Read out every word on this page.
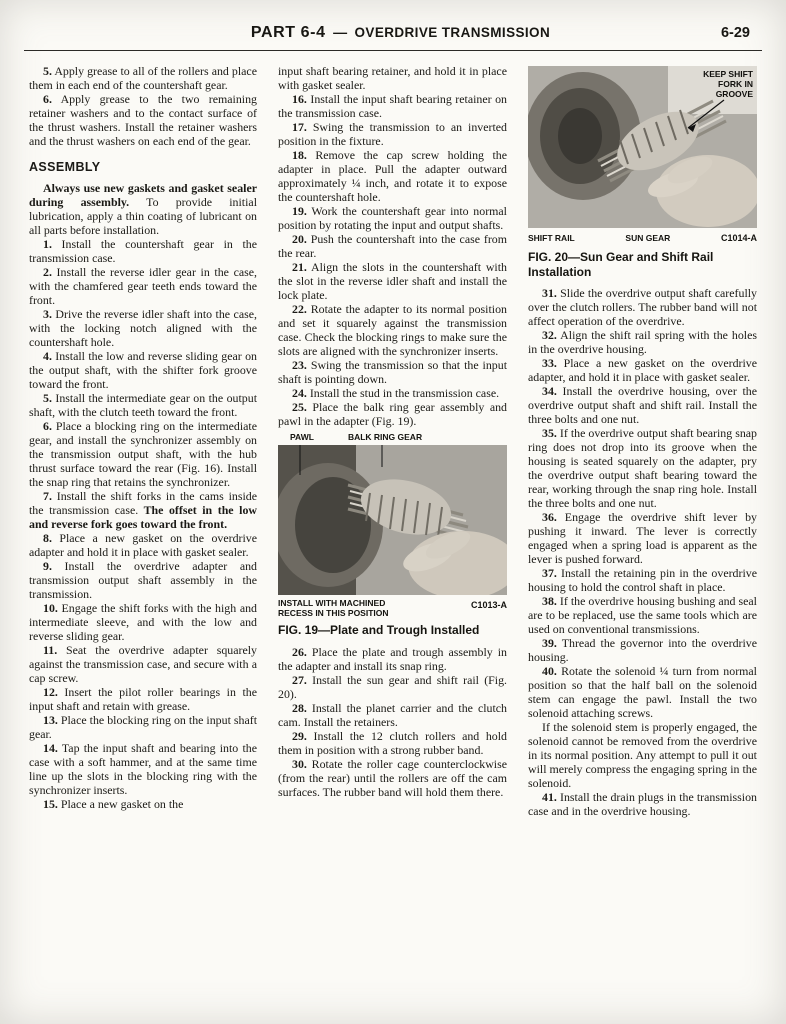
PART 6-4 — OVERDRIVE TRANSMISSION	6-29

5. Apply grease to all of the rollers and place them in each end of the countershaft gear.

6. Apply grease to the two remaining retainer washers and to the contact surface of the thrust washers. Install the retainer washers and the thrust washers on each end of the gear.

ASSEMBLY

Always use new gaskets and gasket sealer during assembly. To provide initial lubrication, apply a thin coating of lubricant on all parts before installation.

1. Install the countershaft gear in the transmission case.

2. Install the reverse idler gear in the case, with the chamfered gear teeth ends toward the front.

3. Drive the reverse idler shaft into the case, with the locking notch aligned with the countershaft hole.

4. Install the low and reverse sliding gear on the output shaft, with the shifter fork groove toward the front.

5. Install the intermediate gear on the output shaft, with the clutch teeth toward the front.

6. Place a blocking ring on the intermediate gear, and install the synchronizer assembly on the transmission output shaft, with the hub thrust surface toward the rear (Fig. 16). Install the snap ring that retains the synchronizer.

7. Install the shift forks in the cams inside the transmission case. The offset in the low and reverse fork goes toward the front.

8. Place a new gasket on the overdrive adapter and hold it in place with gasket sealer.

9. Install the overdrive adapter and transmission output shaft assembly in the transmission.

10. Engage the shift forks with the high and intermediate sleeve, and with the low and reverse sliding gear.

11. Seat the overdrive adapter squarely against the transmission case, and secure with a cap screw.

12. Insert the pilot roller bearings in the input shaft and retain with grease.

13. Place the blocking ring on the input shaft gear.

14. Tap the input shaft and bearing into the case with a soft hammer, and at the same time line up the slots in the blocking ring with the synchronizer inserts.

15. Place a new gasket on the

input shaft bearing retainer, and hold it in place with gasket sealer.

16. Install the input shaft bearing retainer on the transmission case.

17. Swing the transmission to an inverted position in the fixture.

18. Remove the cap screw holding the adapter in place. Pull the adapter outward approximately ¼ inch, and rotate it to expose the countershaft hole.

19. Work the countershaft gear into normal position by rotating the input and output shafts.

20. Push the countershaft into the case from the rear.

21. Align the slots in the countershaft with the slot in the reverse idler shaft and install the lock plate.

22. Rotate the adapter to its normal position and set it squarely against the transmission case. Check the blocking rings to make sure the slots are aligned with the synchronizer inserts.

23. Swing the transmission so that the input shaft is pointing down.

24. Install the stud in the transmission case.

25. Place the balk ring gear assembly and pawl in the adapter (Fig. 19).

PAWL	BALK RING GEAR
INSTALL WITH MACHINED
RECESS IN THIS POSITION
C1013-A
FIG. 19—Plate and Trough Installed

26. Place the plate and trough assembly in the adapter and install its snap ring.

27. Install the sun gear and shift rail (Fig. 20).

28. Install the planet carrier and the clutch cam. Install the retainers.

29. Install the 12 clutch rollers and hold them in position with a strong rubber band.

30. Rotate the roller cage counterclockwise (from the rear) until the rollers are off the cam surfaces. The rubber band will hold them there.

KEEP SHIFT
FORK IN
GROOVE
SHIFT RAIL	SUN GEAR	C1014-A
FIG. 20—Sun Gear and Shift Rail Installation

31. Slide the overdrive output shaft carefully over the clutch rollers. The rubber band will not affect operation of the overdrive.

32. Align the shift rail spring with the holes in the overdrive housing.

33. Place a new gasket on the overdrive adapter, and hold it in place with gasket sealer.

34. Install the overdrive housing, over the overdrive output shaft and shift rail. Install the three bolts and one nut.

35. If the overdrive output shaft bearing snap ring does not drop into its groove when the housing is seated squarely on the adapter, pry the overdrive output shaft bearing toward the rear, working through the snap ring hole. Install the three bolts and one nut.

36. Engage the overdrive shift lever by pushing it inward. The lever is correctly engaged when a spring load is apparent as the lever is pushed forward.

37. Install the retaining pin in the overdrive housing to hold the control shaft in place.

38. If the overdrive housing bushing and seal are to be replaced, use the same tools which are used on conventional transmissions.

39. Thread the governor into the overdrive housing.

40. Rotate the solenoid ¼ turn from normal position so that the half ball on the solenoid stem can engage the pawl. Install the two solenoid attaching screws.

If the solenoid stem is properly engaged, the solenoid cannot be removed from the overdrive in its normal position. Any attempt to pull it out will merely compress the engaging spring in the solenoid.

41. Install the drain plugs in the transmission case and in the overdrive housing.
